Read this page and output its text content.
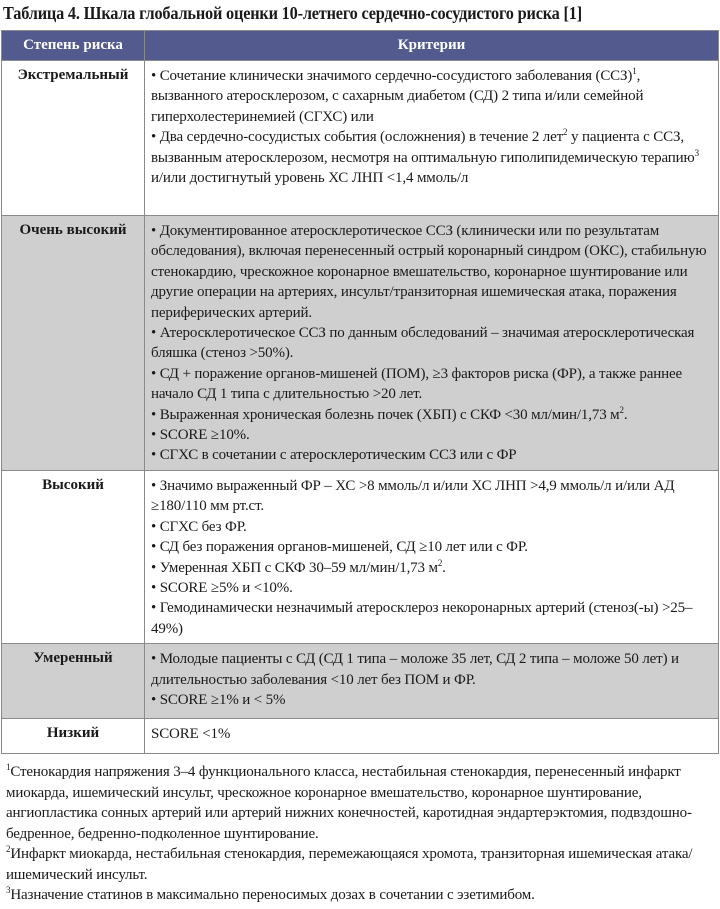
Таблица 4. Шкала глобальной оценки 10-летнего сердечно-сосудистого риска [1]
Степень риска	Критерии
Экстремальный	• Сочетание клинически значимого сердечно-сосудистого заболевания (ССЗ)$^1$, вызванного атеросклерозом, с сахарным диабетом (СД) 2 типа и/или семейной гиперхолестеринемией (СГХС) или
• Два сердечно-сосудистых события (осложнения) в течение 2 лет$^2$ у пациента с ССЗ, вызванным атеросклерозом, несмотря на оптимальную гиполипидемическую терапию$^3$ и/или достигнутый уровень ХС ЛНП <1,4 ммоль/л
Очень высокий	• Документированное атеросклеротическое ССЗ (клинически или по результатам обследования), включая перенесенный острый коронарный синдром (ОКС), стабильную стенокардию, чрескожное коронарное вмешательство, коронарное шунтирование или другие операции на артериях, инсульт/транзиторная ишемическая атака, поражения периферических артерий.
• Атеросклеротическое ССЗ по данным обследований – значимая атеросклеротическая бляшка (стеноз >50%).
• СД + поражение органов-мишеней (ПОМ), ≥3 факторов риска (ФР), а также раннее начало СД 1 типа с длительностью >20 лет.
• Выраженная хроническая болезнь почек (ХБП) с СКФ <30 мл/мин/1,73 $м^2$.
• SCORE ≥10%.
• СГХС в сочетании с атеросклеротическим ССЗ или с ФР

Высокий	• Значимо выраженный ФР – ХС >8 ммоль/л и/или ХС ЛНП >4,9 ммоль/л и/или АД ≥180/110 мм рт.ст.
• СГХС без ФР.
• СД без поражения органов-мишеней, СД ≥10 лет или с ФР.
• Умеренная ХБП с СКФ 30–59 мл/мин/1,73 $м^2$.
• SCORE ≥5% и <10%.
• Гемодинамически незначимый атеросклероз некоронарных артерий (стеноз(-ы) >25–49%)

Умеренный	• Молодые пациенты с СД (СД 1 типа – моложе 35 лет, СД 2 типа – моложе 50 лет) и длительностью заболевания <10 лет без ПОМ и ФР.
• SCORE ≥1% и < 5%

Низкий	SCORE <1%
$^1$Стенокардия напряжения 3–4 функционального класса, нестабильная стенокардия, перенесенный инфаркт миокарда, ишемический инсульт, чрескожное коронарное вмешательство, коронарное шунтирование, ангиопластика сонных артерий или артерий нижних конечностей, каротидная эндартерэктомия, подвздошно-бедренное, бедренно-подколенное шунтирование.
$^2$Инфаркт миокарда, нестабильная стенокардия, перемежающаяся хромота, транзиторная ишемическая атака/ишемический инсульт.
$^3$Назначение статинов в максимально переносимых дозах в сочетании с эзетимибом.
